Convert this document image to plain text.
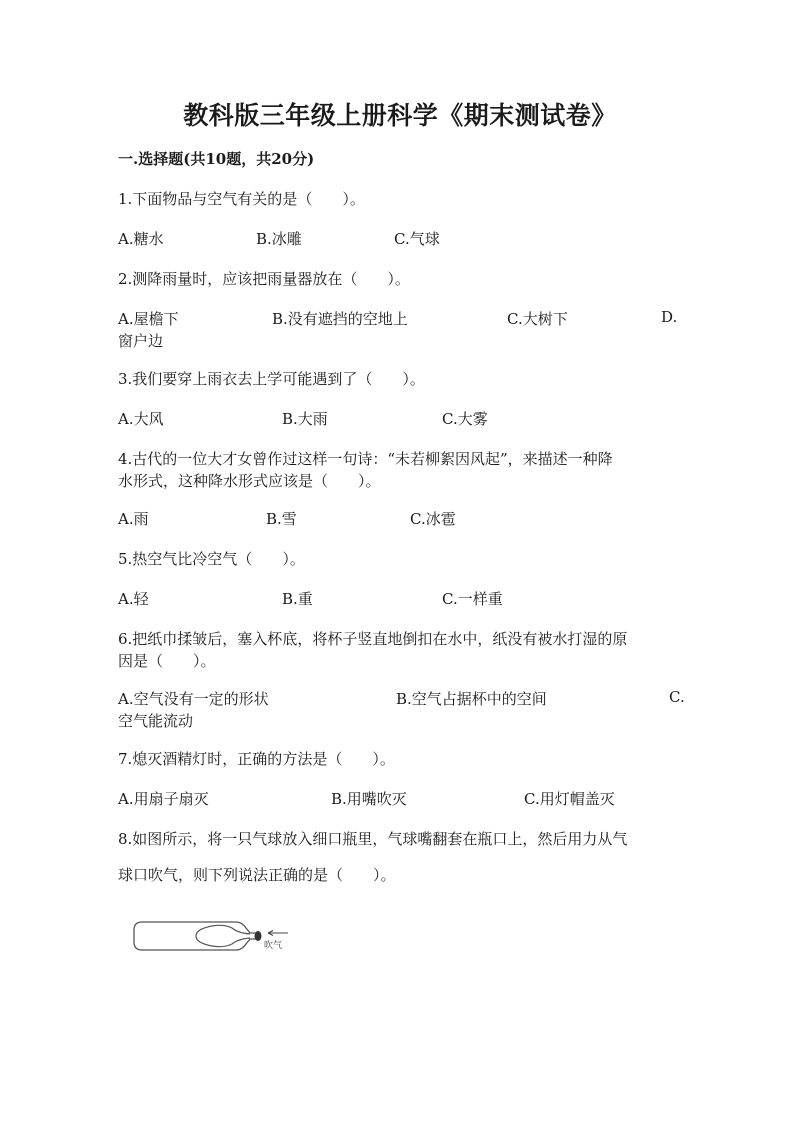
教科版三年级上册科学《期末测试卷》
一.选择题(共10题，共20分)
1.下面物品与空气有关的是（　　）。
A.糖水	B.冰雕	C.气球
2.测降雨量时，应该把雨量器放在（　　）。
A.屋檐下	B.没有遮挡的空地上	C.大树下	D.
窗户边
3.我们要穿上雨衣去上学可能遇到了（　　）。
A.大风	B.大雨	C.大雾
4.古代的一位大才女曾作过这样一句诗：“未若柳絮因风起”，来描述一种降
水形式，这种降水形式应该是（　　）。
A.雨	B.雪	C.冰雹
5.热空气比冷空气（　　）。
A.轻	B.重	C.一样重
6.把纸巾揉皱后，塞入杯底，将杯子竖直地倒扣在水中，纸没有被水打湿的原
因是（　　）。
A.空气没有一定的形状	B.空气占据杯中的空间	C.
空气能流动
7.熄灭酒精灯时，正确的方法是（　　）。
A.用扇子扇灭	B.用嘴吹灭	C.用灯帽盖灭
8.如图所示，将一只气球放入细口瓶里，气球嘴翻套在瓶口上，然后用力从气
球口吹气，则下列说法正确的是（　　）。
吹气
